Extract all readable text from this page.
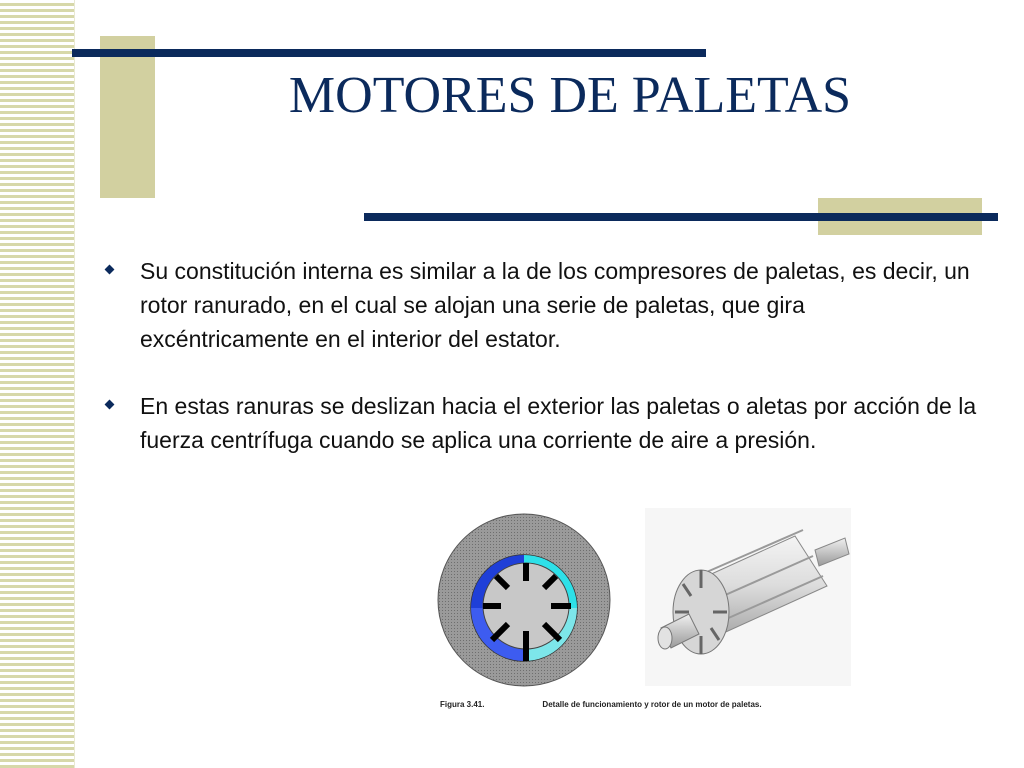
MOTORES DE PALETAS
Su constitución interna es similar a la de los compresores de paletas, es decir, un rotor ranurado, en el cual se alojan una serie de paletas, que gira excéntricamente en el interior del estator.
En estas ranuras se deslizan hacia el exterior las paletas o aletas por acción de la fuerza centrífuga cuando se aplica una corriente de aire a presión.
Figura 3.41.	Detalle de funcionamiento y rotor de un motor de paletas.
